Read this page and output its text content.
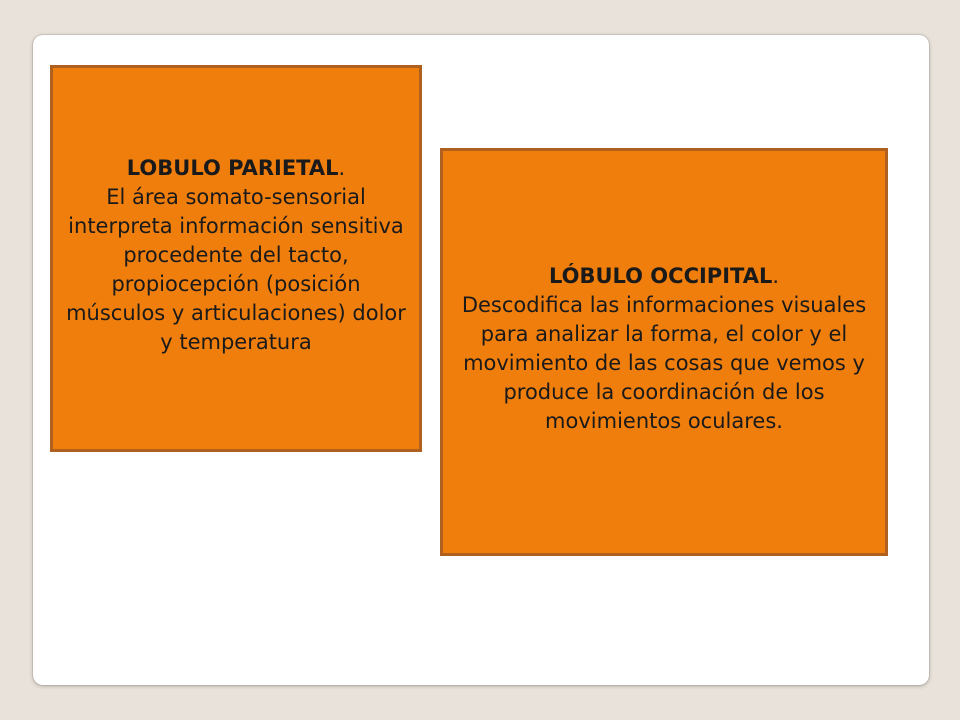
LOBULO PARIETAL.
El área somato-sensorial interpreta información sensitiva procedente del tacto, propiocepción (posición músculos y articulaciones) dolor y temperatura
LÓBULO OCCIPITAL.
Descodifica las informaciones visuales para analizar la forma, el color y el movimiento de las cosas que vemos y produce la coordinación de los movimientos oculares.
